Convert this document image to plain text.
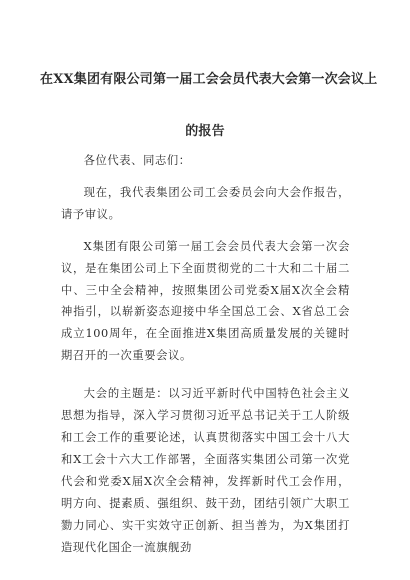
在XX集团有限公司第一届工会会员代表大会第一次会议上
的报告

各位代表、同志们：

现在，我代表集团公司工会委员会向大会作报告，请予审议。

X集团有限公司第一届工会会员代表大会第一次会议，是在集团公司上下全面贯彻党的二十大和二十届二中、三中全会精神，按照集团公司党委X届X次全会精神指引，以崭新姿态迎接中华全国总工会、X省总工会成立100周年，在全面推进X集团高质量发展的关键时期召开的一次重要会议。

大会的主题是：以习近平新时代中国特色社会主义思想为指导，深入学习贯彻习近平总书记关于工人阶级和工会工作的重要论述，认真贯彻落实中国工会十八大和X工会十六大工作部署，全面落实集团公司第一次党代会和党委X届X次全会精神，发挥新时代工会作用，明方向、提素质、强组织、鼓干劲，团结引领广大职工勠力同心、实干实效守正创新、担当善为，为X集团打造现代化国企一流旗舰劲
